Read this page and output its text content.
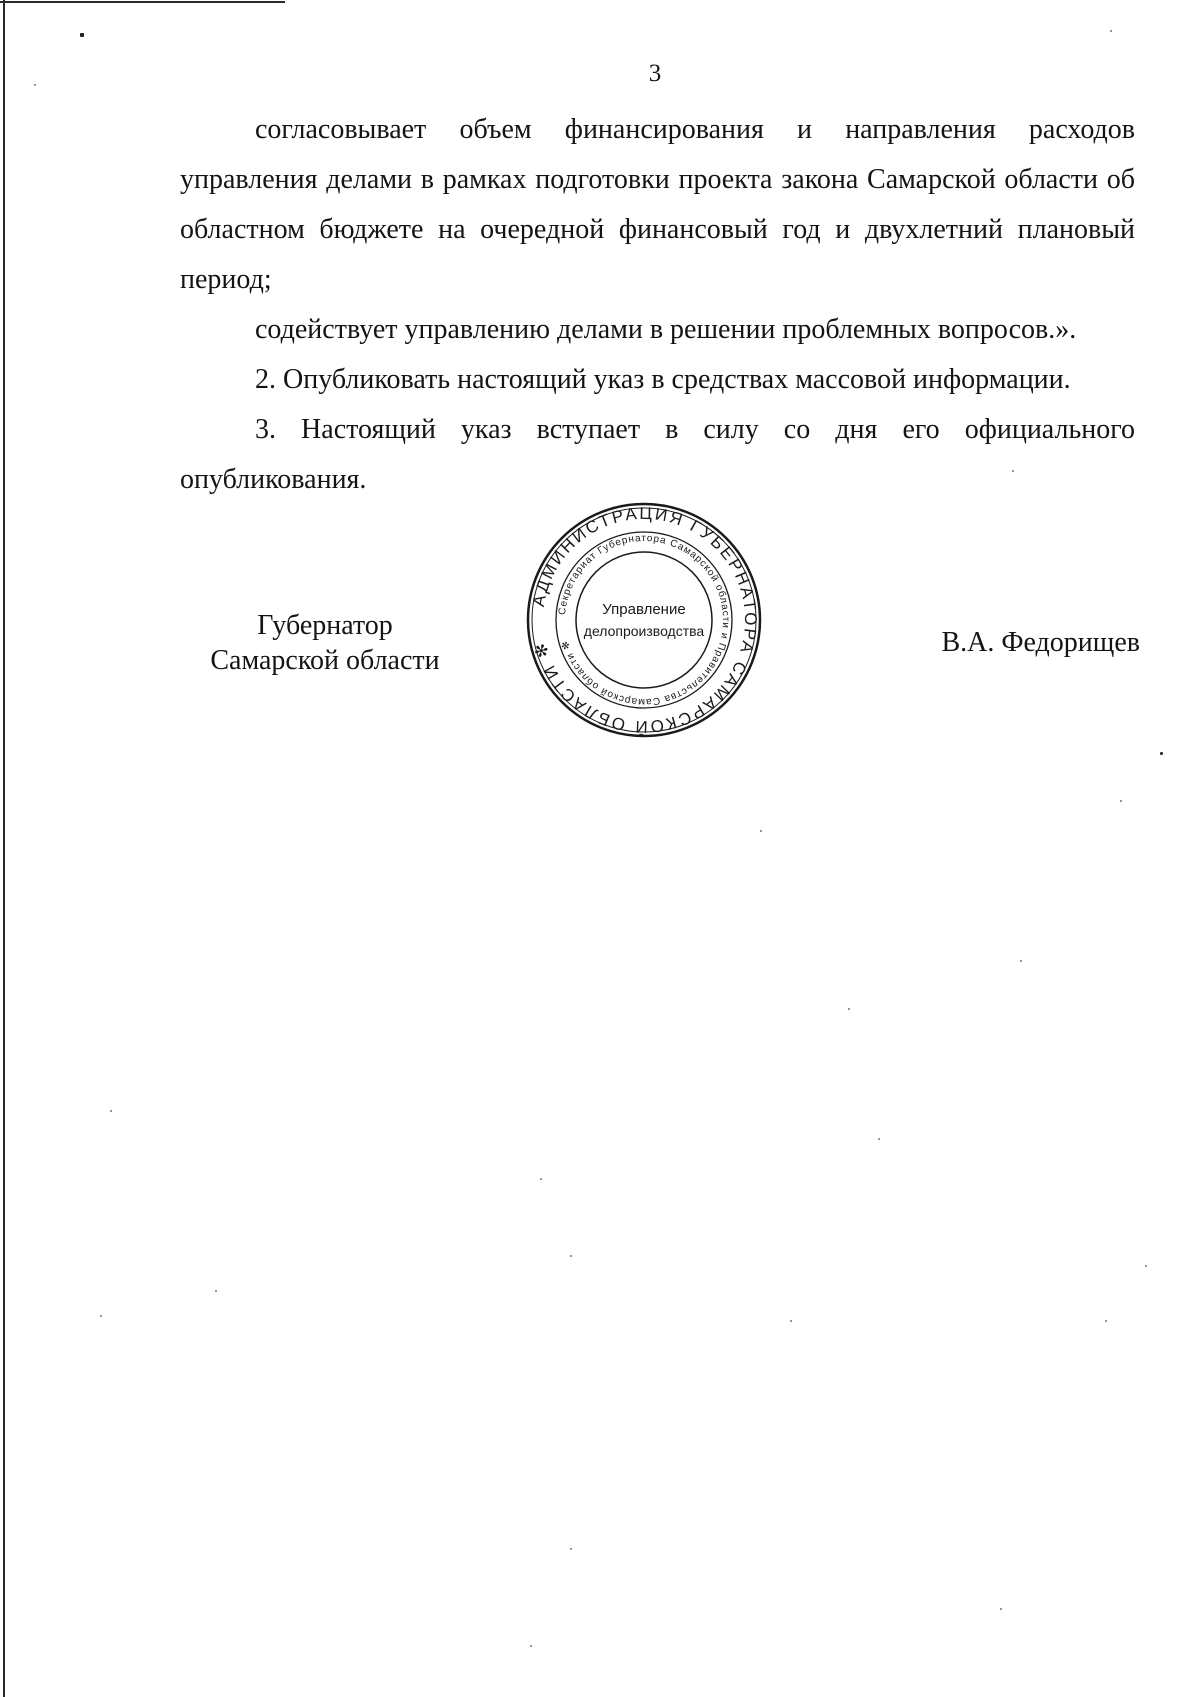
3

согласовывает объем финансирования и направления расходов управления делами в рамках подготовки проекта закона Самарской области об областном бюджете на очередной финансовый год и двухлетний плановый период;

содействует управлению делами в решении проблемных вопросов.».

2. Опубликовать настоящий указ в средствах массовой информации.

3. Настоящий указ вступает в силу со дня его официального опубликования.

Губернатор
Самарской области
В.А. Федорищев
АДМИНИСТРАЦИЯ ГУБЕРНАТОРА САМАРСКОЙ ОБЛАСТИ ✻
Секретариат Губернатора Самарской области и Правительства Самарской области ✻
Управление
делопроизводства
